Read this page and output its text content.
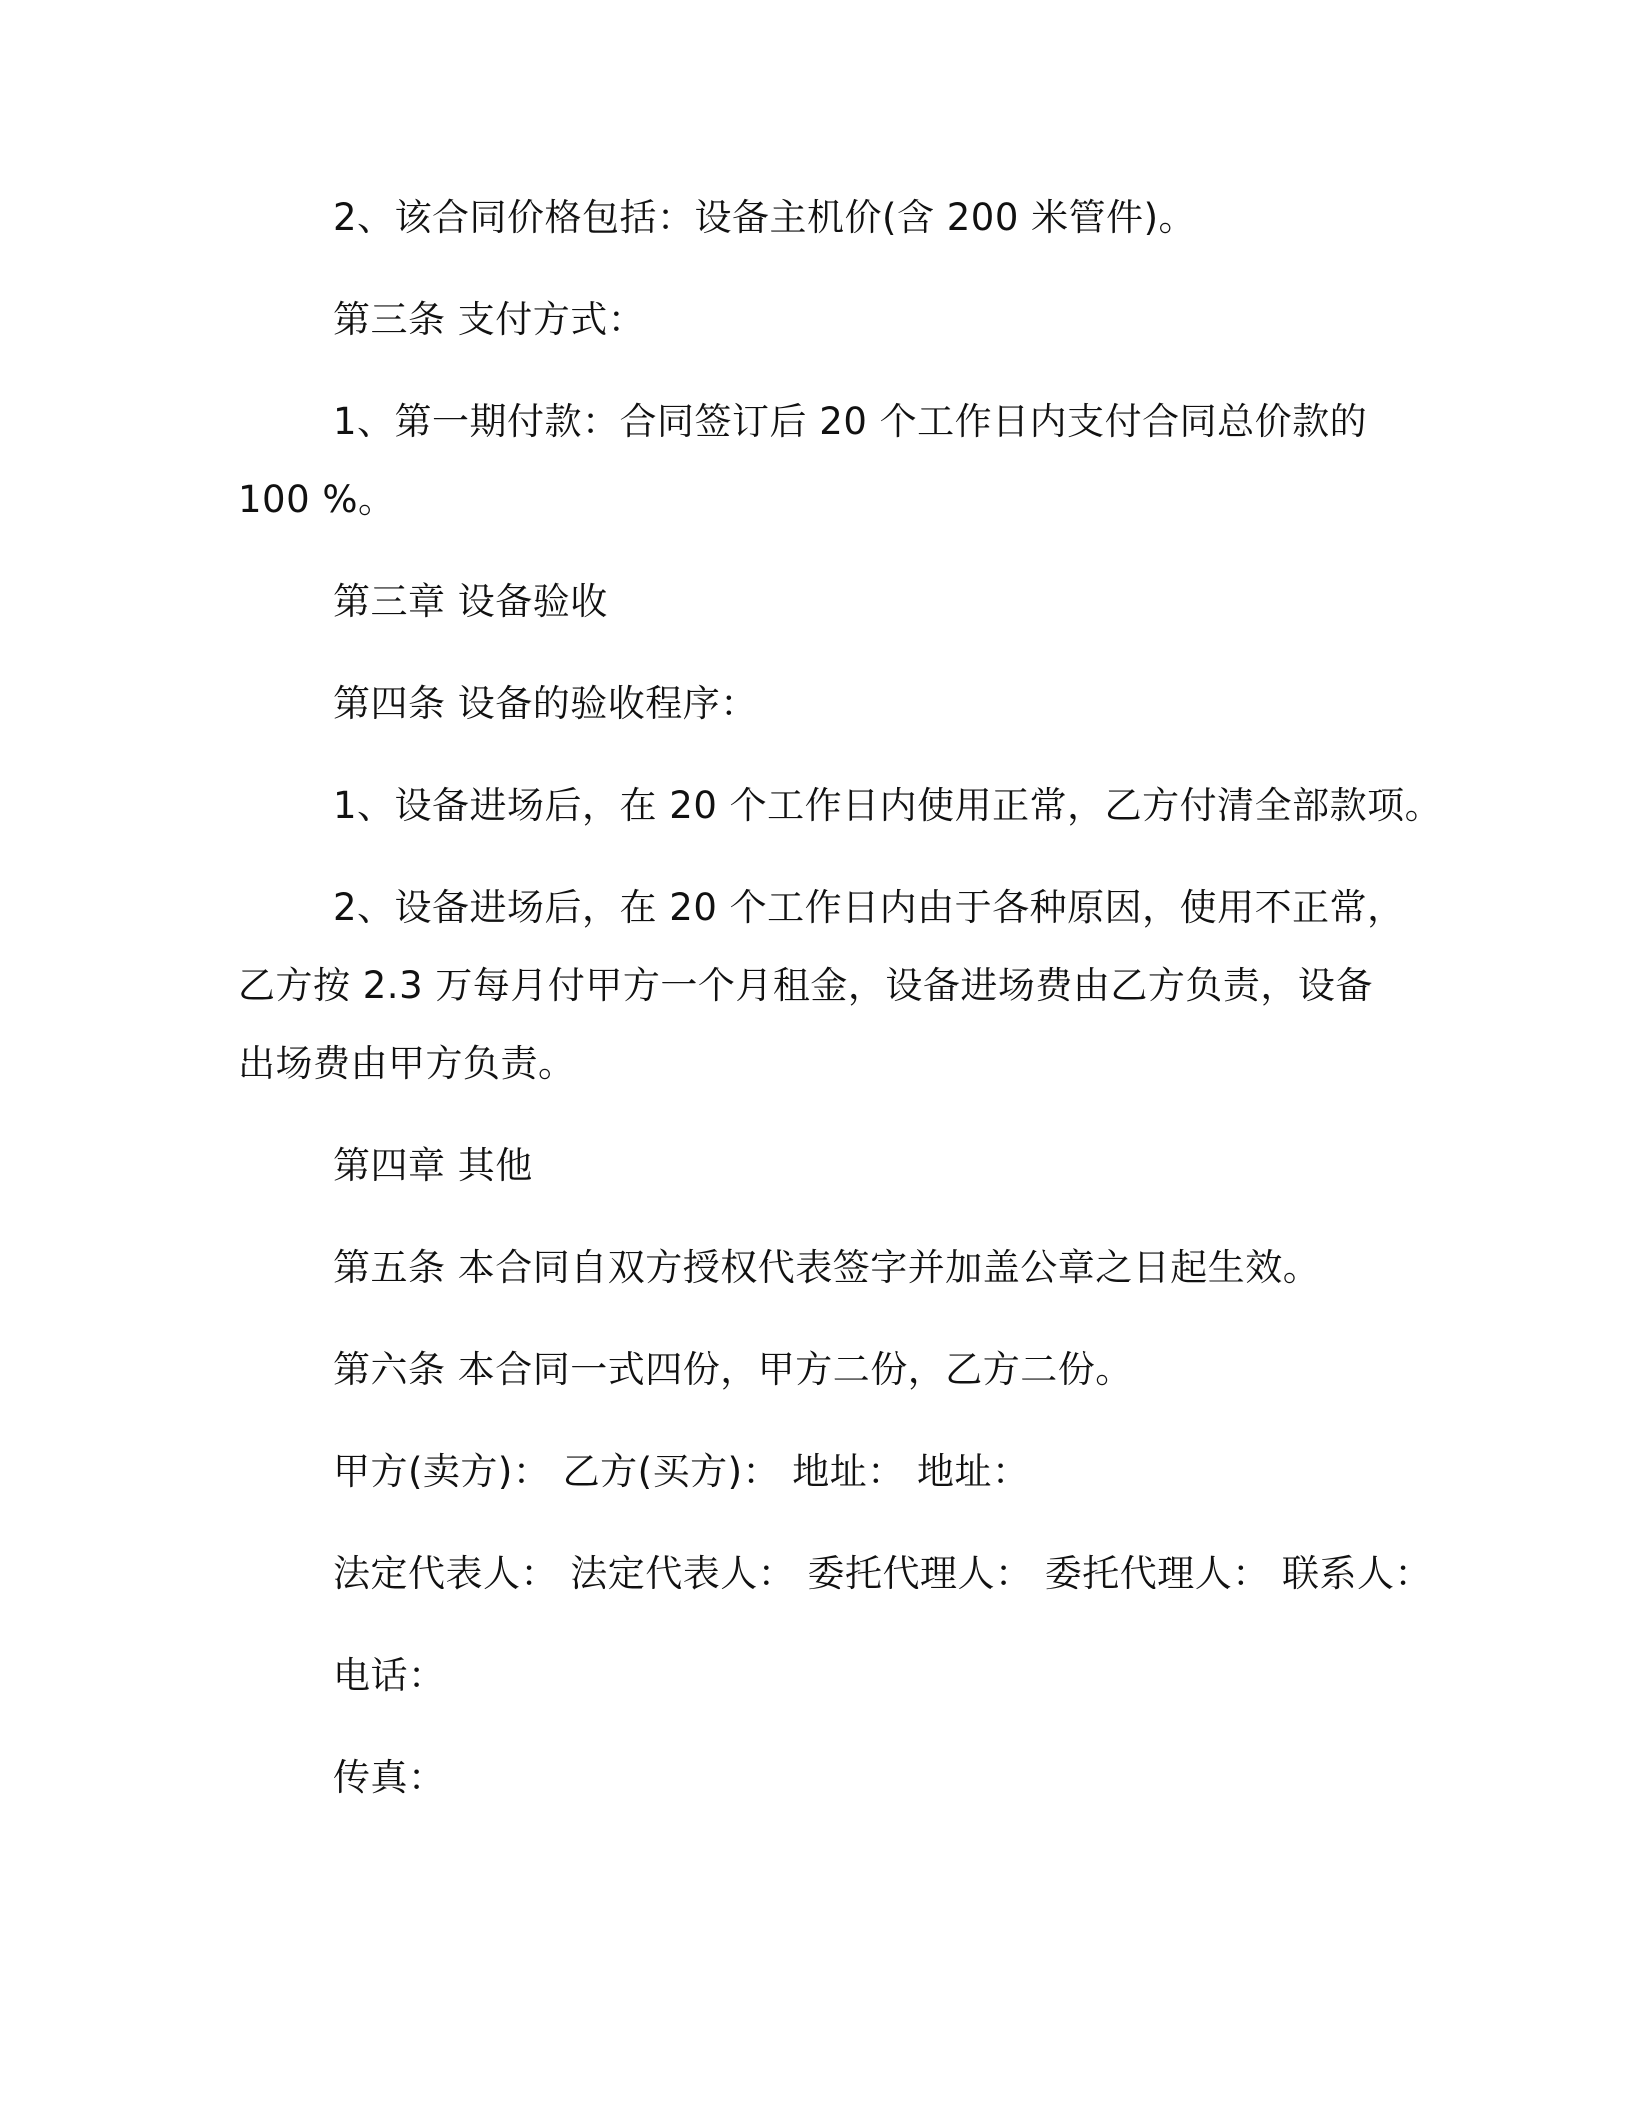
2、该合同价格包括：设备主机价(含 200 米管件)。
第三条 支付方式：
1、第一期付款：合同签订后 20 个工作日内支付合同总价款的
100 %。
第三章 设备验收
第四条 设备的验收程序：
1、设备进场后，在 20 个工作日内使用正常，乙方付清全部款项。
2、设备进场后，在 20 个工作日内由于各种原因，使用不正常，
乙方按 2.3 万每月付甲方一个月租金，设备进场费由乙方负责，设备
出场费由甲方负责。
第四章 其他
第五条 本合同自双方授权代表签字并加盖公章之日起生效。
第六条 本合同一式四份，甲方二份，乙方二份。
甲方(卖方)： 乙方(买方)： 地址： 地址：
法定代表人： 法定代表人： 委托代理人： 委托代理人： 联系人：
电话：
传真：
